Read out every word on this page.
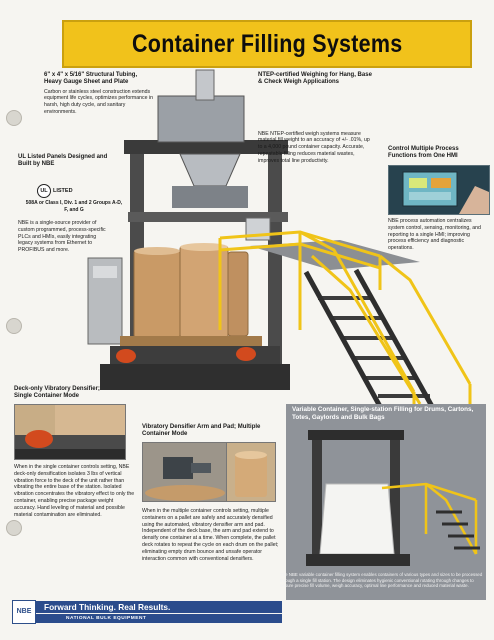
Container Filling Systems
6" x 4" x 5/16" Structural Tubing, Heavy Gauge Sheet and Plate

Carbon or stainless steel construction extends equipment life cycles, optimizes performance in harsh, high duty cycle, and sanitary environments.

NTEP-certified Weighing for Hang, Base & Check Weigh Applications

NBE NTEP-certified weigh systems measure material fill weight to an accuracy of +/- .01%, up to a 4,000 pound container capacity. Accurate, repeatable filling reduces material wastes, improves total line productivity.

UL Listed Panels Designed and Built by NBE
UL LISTED
508A or Class I, Div. 1 and 2 Groups A-D, F, and G

NBE is a single-source provider of custom programmed, process-specific PLCs and HMIs, easily integrating legacy systems from Ethernet to PROFIBUS and more.

Control Multiple Process Functions from One HMI

NBE process automation centralizes system control, sensing, monitoring, and reporting to a single HMI; improving process efficiency and diagnostic operations.

Deck-only Vibratory Densifier; Single Container Mode

When in the single container controls setting, NBE deck-only densification isolates 3 lbs of vertical vibration force to the deck of the unit rather than vibrating the entire base of the station. Isolated vibration concentrates the vibratory effect to only the container, enabling precise package weight accuracy. Hand leveling of material and possible material contamination are eliminated.

Vibratory Densifier Arm and Pad; Multiple Container Mode

When in the multiple container controls setting, multiple containers on a pallet are safely and accurately densified using the automated, vibratory densifier arm and pad. Independent of the deck base, the arm and pad extend to densify one container at a time. When complete, the pallet deck rotates to repeat the cycle on each drum on the pallet; eliminating empty drum bounce and unsafe operator interaction common with conventional densifiers.

Variable Container, Single-station Filling for Drums, Cartons, Totes, Gaylords and Bulk Bags
The NBE variable container filling system enables containers of various types and sizes to be processed through a single fill station. The design eliminates hygienic conventional rotating through changes to ensure precise fill volume, weigh accuracy, optimal line performance and reduced material waste.
NBE	Forward Thinking. Real Results.
NATIONAL BULK EQUIPMENT
